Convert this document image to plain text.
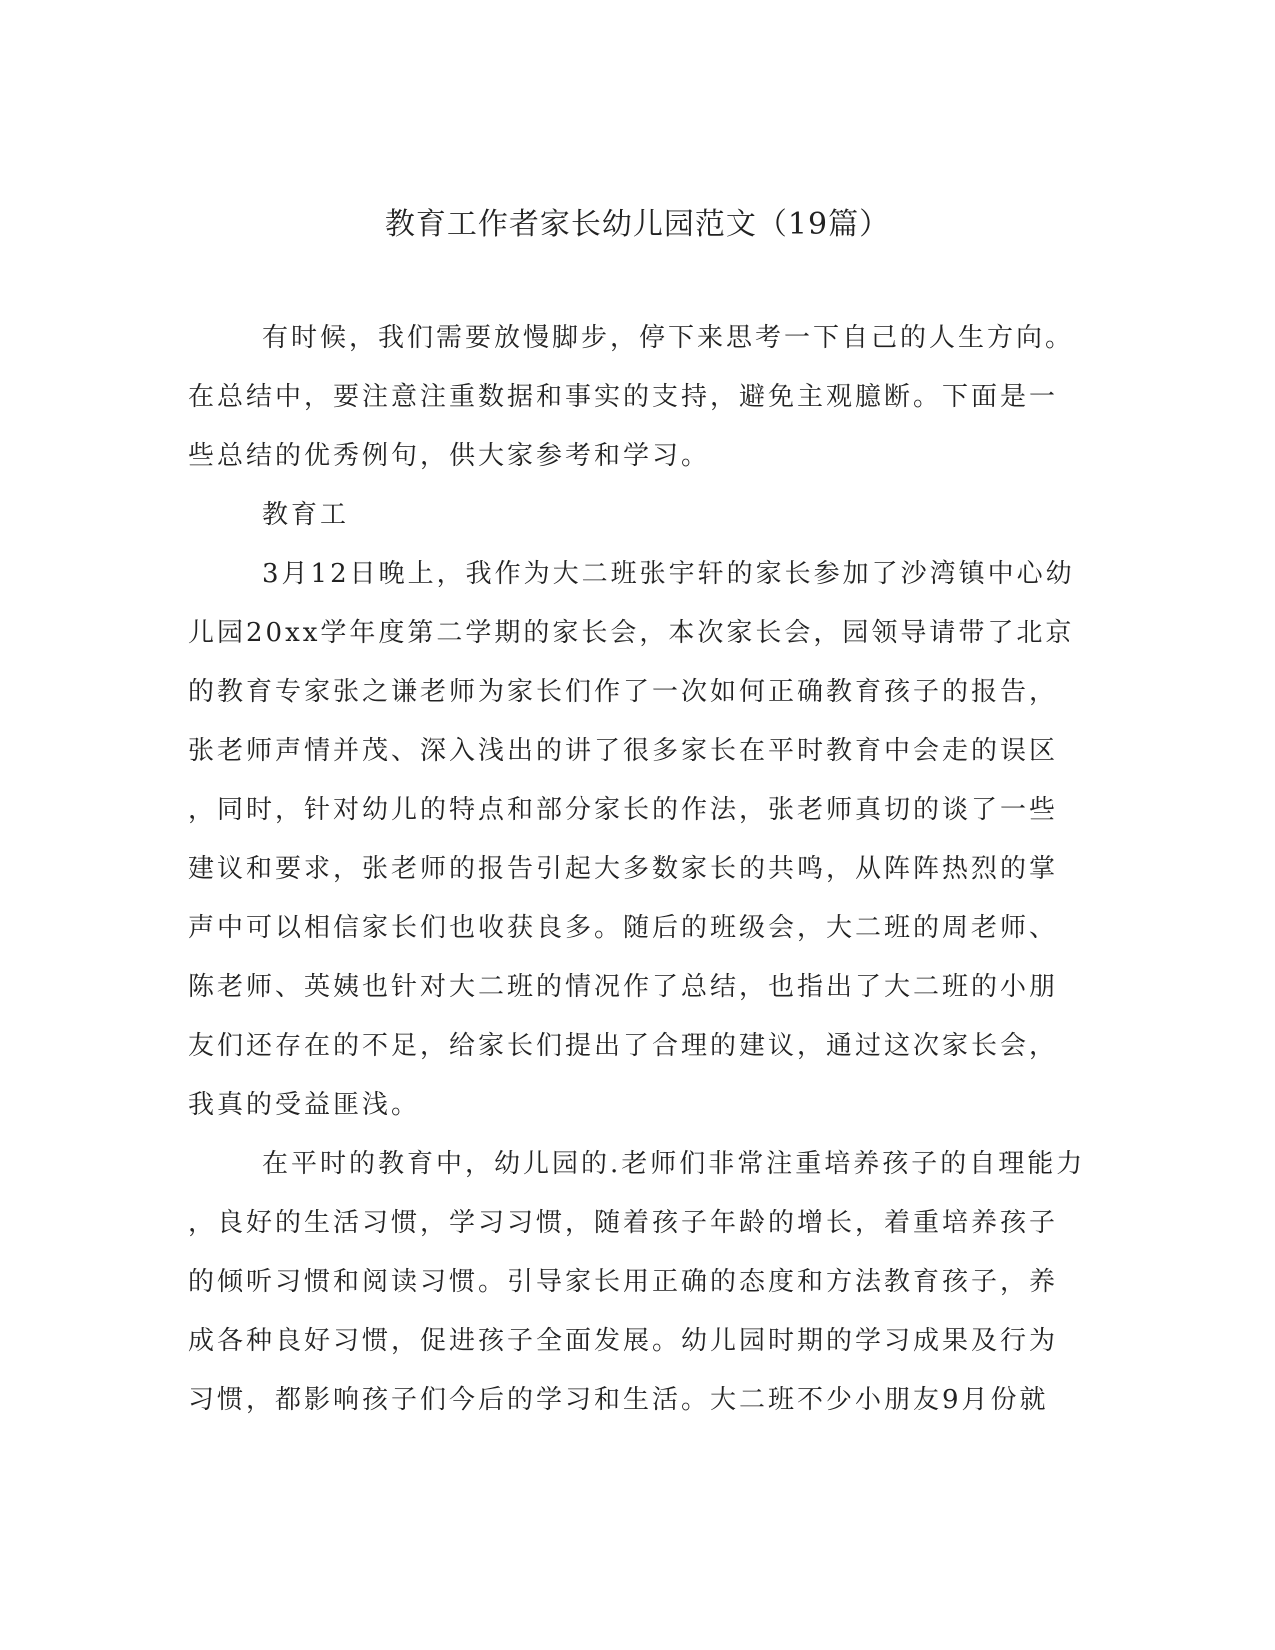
教育工作者家长幼儿园范文（19篇）
有时候，我们需要放慢脚步，停下来思考一下自己的人生方向。
在总结中，要注意注重数据和事实的支持，避免主观臆断。下面是一
些总结的优秀例句，供大家参考和学习。
教育工
3月12日晚上，我作为大二班张宇轩的家长参加了沙湾镇中心幼
儿园20xx学年度第二学期的家长会，本次家长会，园领导请带了北京
的教育专家张之谦老师为家长们作了一次如何正确教育孩子的报告，
张老师声情并茂、深入浅出的讲了很多家长在平时教育中会走的误区
，同时，针对幼儿的特点和部分家长的作法，张老师真切的谈了一些
建议和要求，张老师的报告引起大多数家长的共鸣，从阵阵热烈的掌
声中可以相信家长们也收获良多。随后的班级会，大二班的周老师、
陈老师、英姨也针对大二班的情况作了总结，也指出了大二班的小朋
友们还存在的不足，给家长们提出了合理的建议，通过这次家长会，
我真的受益匪浅。
在平时的教育中，幼儿园的.老师们非常注重培养孩子的自理能力
，良好的生活习惯，学习习惯，随着孩子年龄的增长，着重培养孩子
的倾听习惯和阅读习惯。引导家长用正确的态度和方法教育孩子，养
成各种良好习惯，促进孩子全面发展。幼儿园时期的学习成果及行为
习惯，都影响孩子们今后的学习和生活。大二班不少小朋友9月份就
